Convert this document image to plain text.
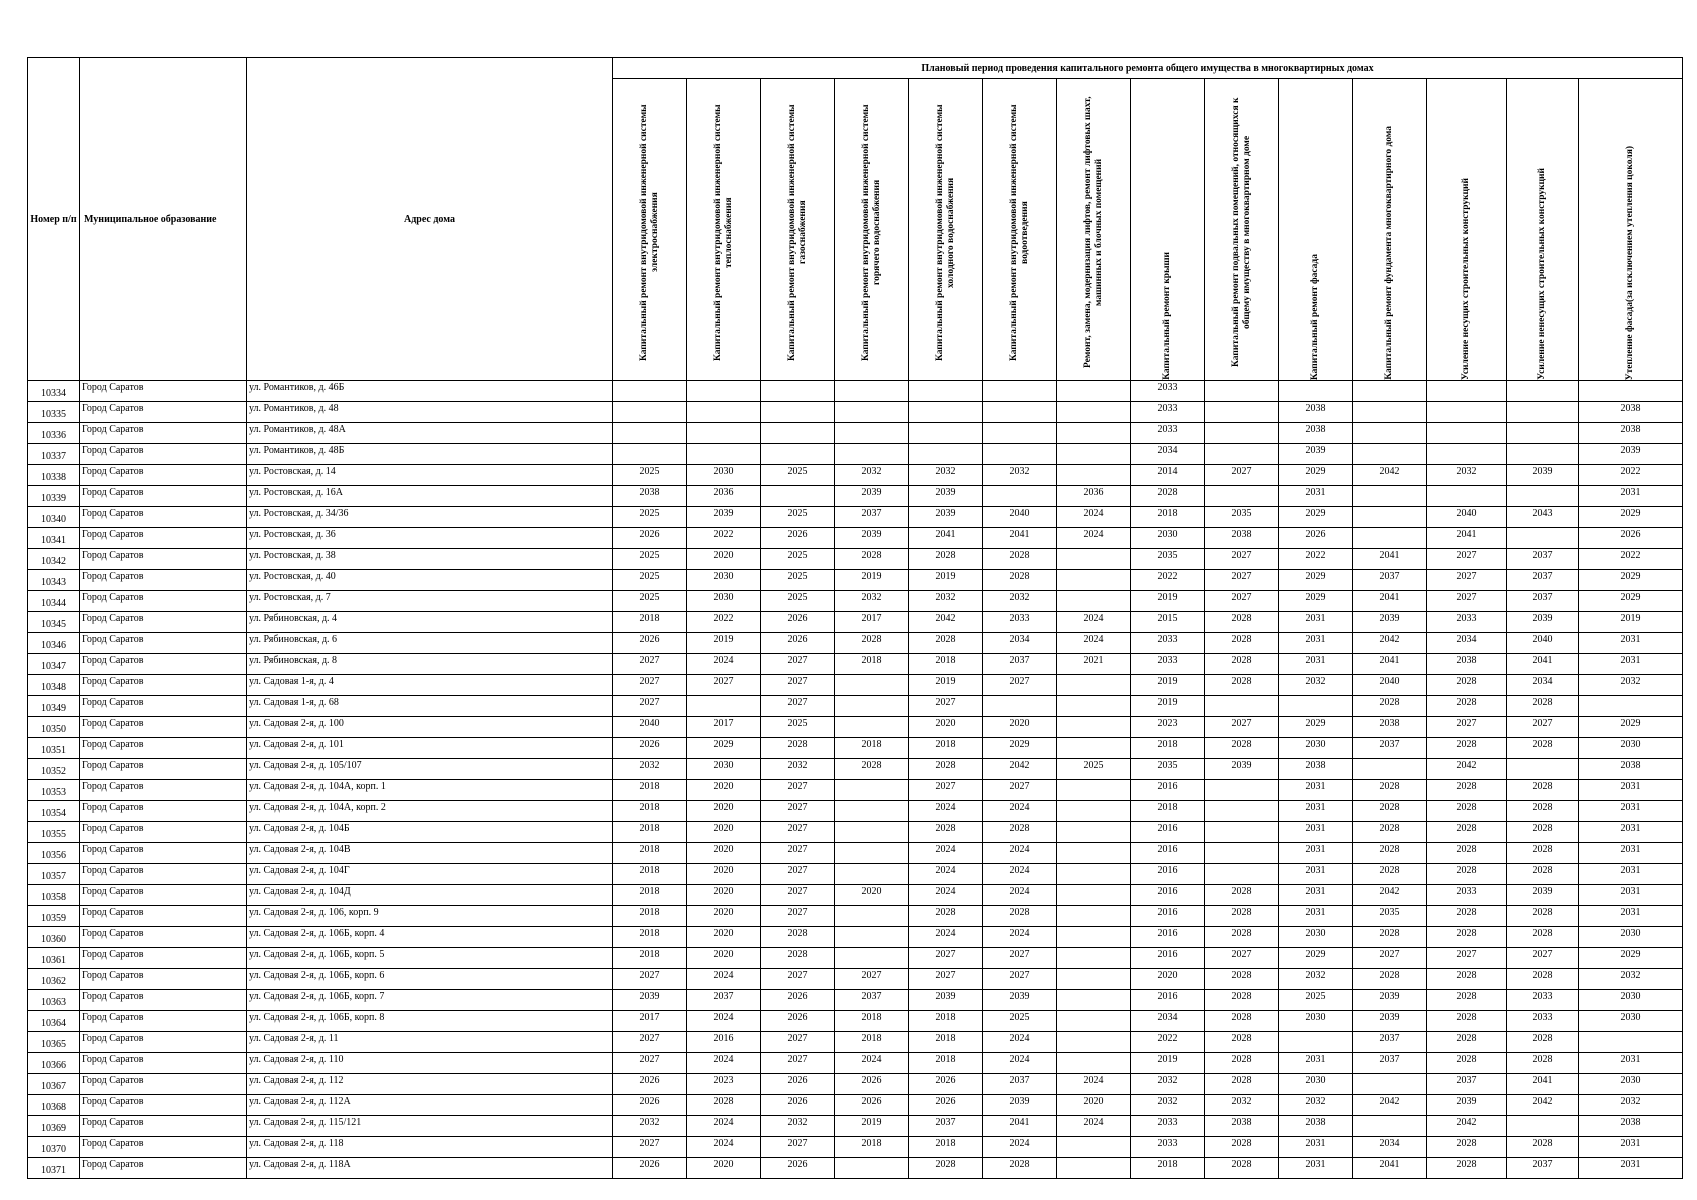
Номер п/п	Муниципальное образование	Адрес дома	Плановый период проведения капитального ремонта общего имущества в многоквартирных домах													

			Капитальный ремонт внутридомовой инженерной системы электроснабжения	Капитальный ремонт внутридомовой инженерной системы теплоснабжения	Капитальный ремонт внутридомовой инженерной системы газоснабжения	Капитальный ремонт внутридомовой инженерной системы горячего водоснабжения	Капитальный ремонт внутридомовой инженерной системы холодного водоснабжения	Капитальный ремонт внутридомовой инженерной системы водоотведения	Ремонт, замена, модернизация лифтов, ремонт лифтовых шахт, машинных и блочных помещений	Капитальный ремонт крыши	Капитальный ремонт подвальных помещений, относящихся к общему имуществу в многоквартирном доме	Капитальный ремонт фасада	Капитальный ремонт фундамента многоквартирного дома	Усиление несущих строительных конструкций	Усиление ненесущих строительных конструкций	Утепление фасада(за исключением утепления цоколя)

10334	Город Саратов	ул. Романтиков, д. 46Б								2033						
10335	Город Саратов	ул. Романтиков, д. 48								2033		2038				2038
10336	Город Саратов	ул. Романтиков, д. 48А								2033		2038				2038
10337	Город Саратов	ул. Романтиков, д. 48Б								2034		2039				2039
10338	Город Саратов	ул. Ростовская, д. 14	2025	2030	2025	2032	2032	2032		2014	2027	2029	2042	2032	2039	2022
10339	Город Саратов	ул. Ростовская, д. 16А	2038	2036		2039	2039		2036	2028		2031				2031
10340	Город Саратов	ул. Ростовская, д. 34/36	2025	2039	2025	2037	2039	2040	2024	2018	2035	2029		2040	2043	2029
10341	Город Саратов	ул. Ростовская, д. 36	2026	2022	2026	2039	2041	2041	2024	2030	2038	2026		2041		2026
10342	Город Саратов	ул. Ростовская, д. 38	2025	2020	2025	2028	2028	2028		2035	2027	2022	2041	2027	2037	2022
10343	Город Саратов	ул. Ростовская, д. 40	2025	2030	2025	2019	2019	2028		2022	2027	2029	2037	2027	2037	2029
10344	Город Саратов	ул. Ростовская, д. 7	2025	2030	2025	2032	2032	2032		2019	2027	2029	2041	2027	2037	2029
10345	Город Саратов	ул. Рябиновская, д. 4	2018	2022	2026	2017	2042	2033	2024	2015	2028	2031	2039	2033	2039	2019
10346	Город Саратов	ул. Рябиновская, д. 6	2026	2019	2026	2028	2028	2034	2024	2033	2028	2031	2042	2034	2040	2031
10347	Город Саратов	ул. Рябиновская, д. 8	2027	2024	2027	2018	2018	2037	2021	2033	2028	2031	2041	2038	2041	2031
10348	Город Саратов	ул. Садовая 1-я, д. 4	2027	2027	2027		2019	2027		2019	2028	2032	2040	2028	2034	2032
10349	Город Саратов	ул. Садовая 1-я, д. 68	2027		2027		2027			2019			2028	2028	2028	
10350	Город Саратов	ул. Садовая 2-я, д. 100	2040	2017	2025		2020	2020		2023	2027	2029	2038	2027	2027	2029
10351	Город Саратов	ул. Садовая 2-я, д. 101	2026	2029	2028	2018	2018	2029		2018	2028	2030	2037	2028	2028	2030
10352	Город Саратов	ул. Садовая 2-я, д. 105/107	2032	2030	2032	2028	2028	2042	2025	2035	2039	2038		2042		2038
10353	Город Саратов	ул. Садовая 2-я, д. 104А, корп. 1	2018	2020	2027		2027	2027		2016		2031	2028	2028	2028	2031
10354	Город Саратов	ул. Садовая 2-я, д. 104А, корп. 2	2018	2020	2027		2024	2024		2018		2031	2028	2028	2028	2031
10355	Город Саратов	ул. Садовая 2-я, д. 104Б	2018	2020	2027		2028	2028		2016		2031	2028	2028	2028	2031
10356	Город Саратов	ул. Садовая 2-я, д. 104В	2018	2020	2027		2024	2024		2016		2031	2028	2028	2028	2031
10357	Город Саратов	ул. Садовая 2-я, д. 104Г	2018	2020	2027		2024	2024		2016		2031	2028	2028	2028	2031
10358	Город Саратов	ул. Садовая 2-я, д. 104Д	2018	2020	2027	2020	2024	2024		2016	2028	2031	2042	2033	2039	2031
10359	Город Саратов	ул. Садовая 2-я, д. 106, корп. 9	2018	2020	2027		2028	2028		2016	2028	2031	2035	2028	2028	2031
10360	Город Саратов	ул. Садовая 2-я, д. 106Б, корп. 4	2018	2020	2028		2024	2024		2016	2028	2030	2028	2028	2028	2030
10361	Город Саратов	ул. Садовая 2-я, д. 106Б, корп. 5	2018	2020	2028		2027	2027		2016	2027	2029	2027	2027	2027	2029
10362	Город Саратов	ул. Садовая 2-я, д. 106Б, корп. 6	2027	2024	2027	2027	2027	2027		2020	2028	2032	2028	2028	2028	2032
10363	Город Саратов	ул. Садовая 2-я, д. 106Б, корп. 7	2039	2037	2026	2037	2039	2039		2016	2028	2025	2039	2028	2033	2030
10364	Город Саратов	ул. Садовая 2-я, д. 106Б, корп. 8	2017	2024	2026	2018	2018	2025		2034	2028	2030	2039	2028	2033	2030
10365	Город Саратов	ул. Садовая 2-я, д. 11	2027	2016	2027	2018	2018	2024		2022	2028		2037	2028	2028	
10366	Город Саратов	ул. Садовая 2-я, д. 110	2027	2024	2027	2024	2018	2024		2019	2028	2031	2037	2028	2028	2031
10367	Город Саратов	ул. Садовая 2-я, д. 112	2026	2023	2026	2026	2026	2037	2024	2032	2028	2030		2037	2041	2030
10368	Город Саратов	ул. Садовая 2-я, д. 112А	2026	2028	2026	2026	2026	2039	2020	2032	2032	2032	2042	2039	2042	2032
10369	Город Саратов	ул. Садовая 2-я, д. 115/121	2032	2024	2032	2019	2037	2041	2024	2033	2038	2038		2042		2038
10370	Город Саратов	ул. Садовая 2-я, д. 118	2027	2024	2027	2018	2018	2024		2033	2028	2031	2034	2028	2028	2031
10371	Город Саратов	ул. Садовая 2-я, д. 118А	2026	2020	2026		2028	2028		2018	2028	2031	2041	2028	2037	2031
